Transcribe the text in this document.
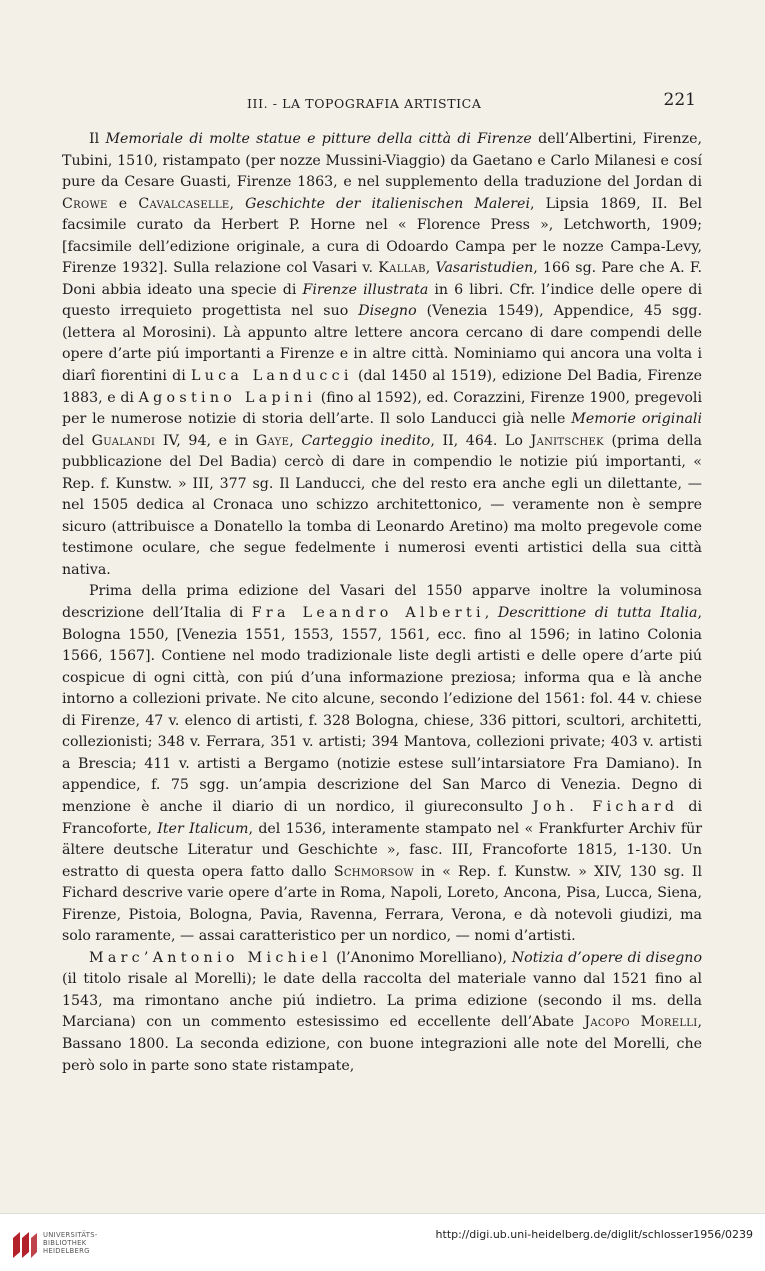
III. - LA TOPOGRAFIA ARTISTICA	221

Il Memoriale di molte statue e pitture della città di Firenze dell’Albertini, Firenze, Tubini, 1510, ristampato (per nozze Mussini-Viaggio) da Gaetano e Carlo Milanesi e cosí pure da Cesare Guasti, Firenze 1863, e nel supplemento della traduzione del Jordan di Crowe e Cavalcaselle, Geschichte der italienischen Malerei, Lipsia 1869, II. Bel facsimile curato da Herbert P. Horne nel « Florence Press », Letchworth, 1909; [facsimile dell’edizione originale, a cura di Odoardo Campa per le nozze Campa-Levy, Firenze 1932]. Sulla relazione col Vasari v. Kallab, Vasaristudien, 166 sg. Pare che A. F. Doni abbia ideato una specie di Firenze illustrata in 6 libri. Cfr. l’indice delle opere di questo irrequieto progettista nel suo Disegno (Venezia 1549), Appendice, 45 sgg. (lettera al Morosini). Là appunto altre lettere ancora cercano di dare compendi delle opere d’arte piú importanti a Firenze e in altre città. Nominiamo qui ancora una volta i diarî fiorentini di Luca Landucci (dal 1450 al 1519), edizione Del Badia, Firenze 1883, e di Agostino Lapini (fino al 1592), ed. Corazzini, Firenze 1900, pregevoli per le numerose notizie di storia dell’arte. Il solo Landucci già nelle Memorie originali del Gualandi IV, 94, e in Gaye, Carteggio inedito, II, 464. Lo Janitschek (prima della pubblicazione del Del Badia) cercò di dare in compendio le notizie piú importanti, « Rep. f. Kunstw. » III, 377 sg. Il Landucci, che del resto era anche egli un dilettante, — nel 1505 dedica al Cronaca uno schizzo architettonico, — veramente non è sempre sicuro (attribuisce a Donatello la tomba di Leonardo Aretino) ma molto pregevole come testimone oculare, che segue fedelmente i numerosi eventi artistici della sua città nativa.

Prima della prima edizione del Vasari del 1550 apparve inoltre la voluminosa descrizione dell’Italia di Fra Leandro Alberti, Descrittione di tutta Italia, Bologna 1550, [Venezia 1551, 1553, 1557, 1561, ecc. fino al 1596; in latino Colonia 1566, 1567]. Contiene nel modo tradizionale liste degli artisti e delle opere d’arte piú cospicue di ogni città, con piú d’una informazione preziosa; informa qua e là anche intorno a collezioni private. Ne cito alcune, secondo l’edizione del 1561: fol. 44 v. chiese di Firenze, 47 v. elenco di artisti, f. 328 Bologna, chiese, 336 pittori, scultori, architetti, collezionisti; 348 v. Ferrara, 351 v. artisti; 394 Mantova, collezioni private; 403 v. artisti a Brescia; 411 v. artisti a Bergamo (notizie estese sull’intarsiatore Fra Damiano). In appendice, f. 75 sgg. un’ampia descrizione del San Marco di Venezia. Degno di menzione è anche il diario di un nordico, il giureconsulto Joh. Fichard di Francoforte, Iter Italicum, del 1536, interamente stampato nel « Frankfurter Archiv für ältere deutsche Literatur und Geschichte », fasc. III, Francoforte 1815, 1-130. Un estratto di questa opera fatto dallo Schmorsow in « Rep. f. Kunstw. » XIV, 130 sg. Il Fichard descrive varie opere d’arte in Roma, Napoli, Loreto, Ancona, Pisa, Lucca, Siena, Firenze, Pistoia, Bologna, Pavia, Ravenna, Ferrara, Verona, e dà notevoli giudizi, ma solo raramente, — assai caratteristico per un nordico, — nomi d’artisti.

Marc’Antonio Michiel (l’Anonimo Morelliano), Notizia d’opere di disegno (il titolo risale al Morelli); le date della raccolta del materiale vanno dal 1521 fino al 1543, ma rimontano anche piú indietro. La prima edizione (secondo il ms. della Marciana) con un commento estesissimo ed eccellente dell’Abate Jacopo Morelli, Bassano 1800. La seconda edizione, con buone integrazioni alle note del Morelli, che però solo in parte sono state ristampate,

UNIVERSITÄTS-
BIBLIOTHEK
HEIDELBERG
http://digi.ub.uni-heidelberg.de/diglit/schlosser1956/0239
